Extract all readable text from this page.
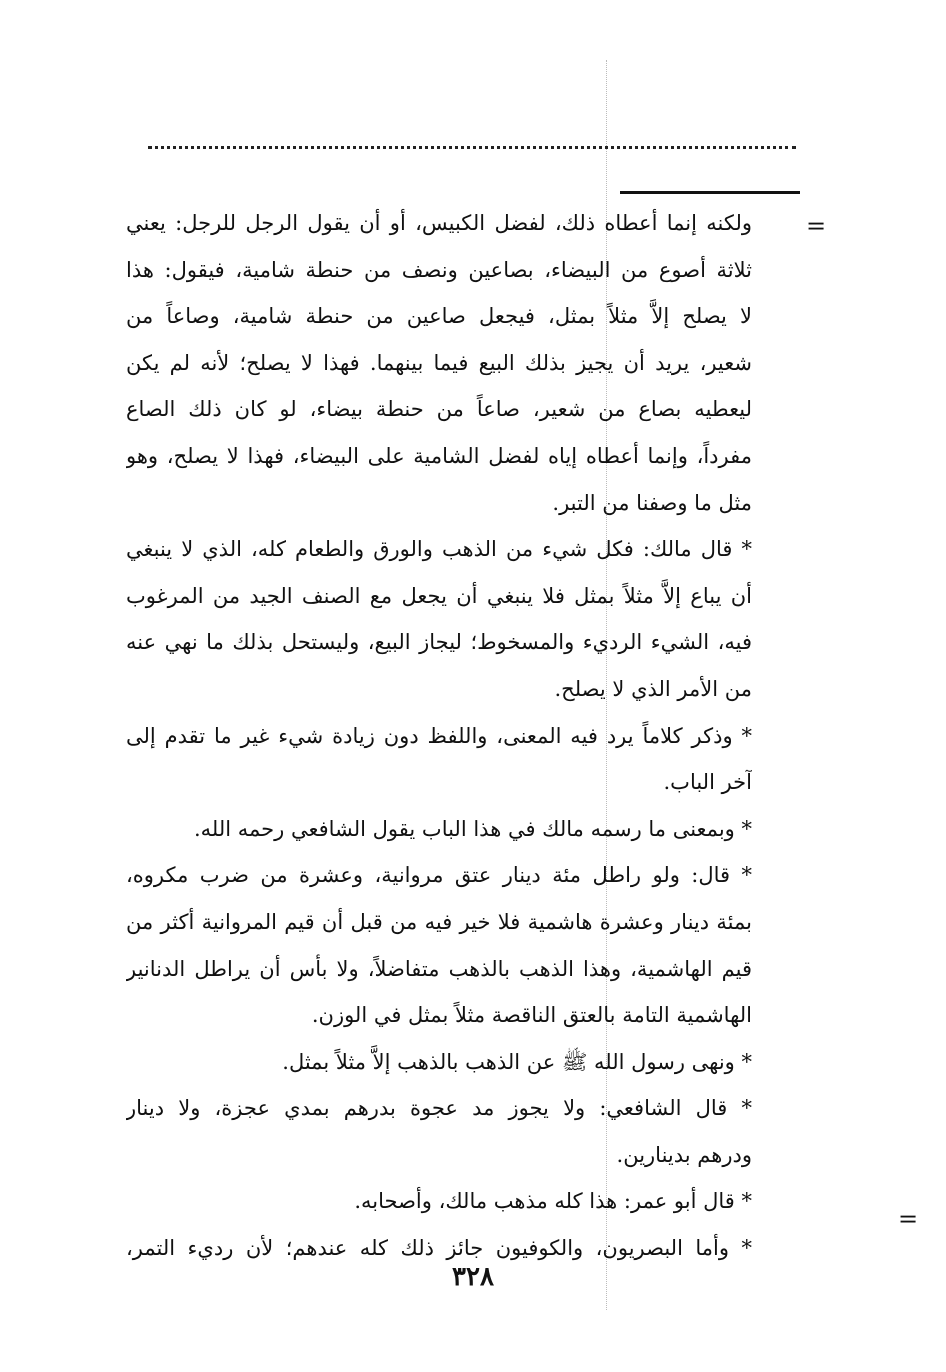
=
=
ولكنه إنما أعطاه ذلك، لفضل الكبيس، أو أن يقول الرجل للرجل: يعني
ثلاثة أصوع من البيضاء، بصاعين ونصف من حنطة شامية، فيقول: هذا
لا يصلح إلاَّ مثلاً بمثل، فيجعل صاعين من حنطة شامية، وصاعاً من
شعير، يريد أن يجيز بذلك البيع فيما بينهما. فهذا لا يصلح؛ لأنه لم يكن
ليعطيه بصاع من شعير، صاعاً من حنطة بيضاء، لو كان ذلك الصاع
مفرداً، وإنما أعطاه إياه لفضل الشامية على البيضاء، فهذا لا يصلح، وهو
مثل ما وصفنا من التبر.
* قال مالك: فكل شيء من الذهب والورق والطعام كله، الذي لا ينبغي
أن يباع إلاَّ مثلاً بمثل فلا ينبغي أن يجعل مع الصنف الجيد من المرغوب
فيه، الشيء الرديء والمسخوط؛ ليجاز البيع، وليستحل بذلك ما نهي عنه
من الأمر الذي لا يصلح.
* وذكر كلاماً يرد فيه المعنى، واللفظ دون زيادة شيء غير ما تقدم إلى
آخر الباب.
* وبمعنى ما رسمه مالك في هذا الباب يقول الشافعي رحمه الله.
* قال: ولو راطل مئة دينار عتق مروانية، وعشرة من ضرب مكروه،
بمئة دينار وعشرة هاشمية فلا خير فيه من قبل أن قيم المروانية أكثر من
قيم الهاشمية، وهذا الذهب بالذهب متفاضلاً، ولا بأس أن يراطل الدنانير
الهاشمية التامة بالعتق الناقصة مثلاً بمثل في الوزن.
* ونهى رسول الله ﷺ عن الذهب بالذهب إلاَّ مثلاً بمثل.
* قال الشافعي: ولا يجوز مد عجوة بدرهم بمدي عجزة، ولا دينار
ودرهم بدينارين.
* قال أبو عمر: هذا كله مذهب مالك، وأصحابه.
* وأما البصريون، والكوفيون جائز ذلك كله عندهم؛ لأن رديء التمر،
٣٢٨
